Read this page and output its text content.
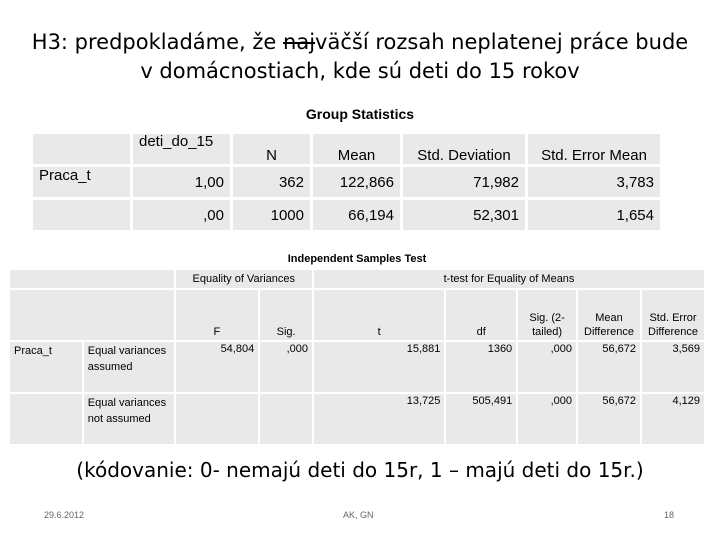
H3: predpokladáme, že najväčší rozsah neplatenej práce bude
v domácnostiach, kde sú deti do 15 rokov
Group Statistics
	deti_do_15	N	Mean	Std. Deviation	Std. Error Mean
Praca_t	1,00	362	122,866	71,982	3,783
	,00	1000	66,194	52,301	1,654
Independent Samples Test								
		Equality of Variances		t-test for Equality of Means				
		F	Sig.	t	df	Sig. (2-tailed)	Mean Difference	Std. Error Difference
Praca_t	Equal variances assumed	54,804	,000	15,881	1360	,000	56,672	3,569
	Equal variances not assumed			13,725	505,491	,000	56,672	4,129
(kódovanie: 0- nemajú deti do 15r, 1 – majú deti do 15r.)
29.6.2012	AK, GN	18
